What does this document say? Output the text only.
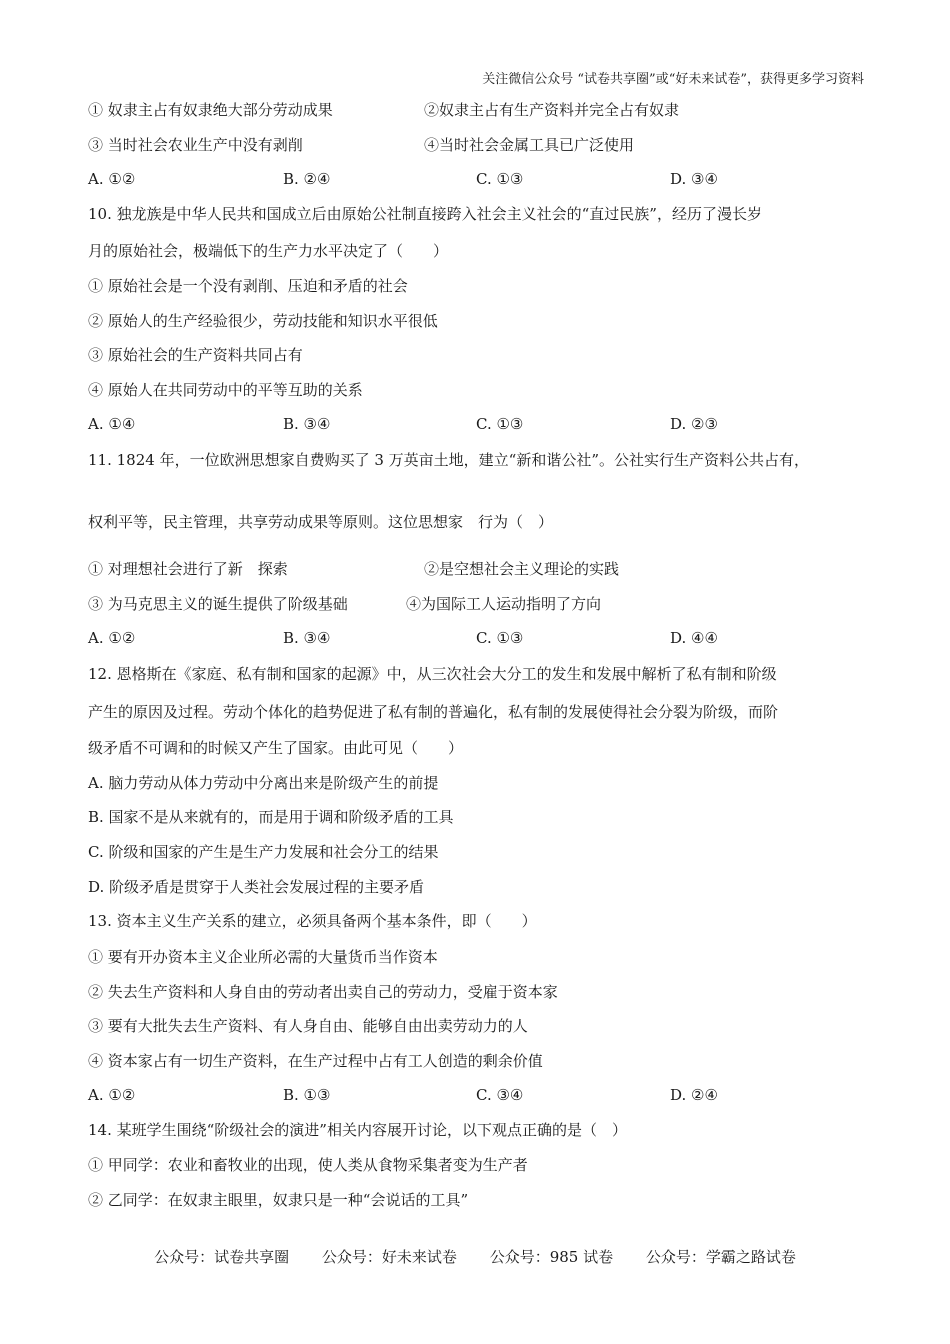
关注微信公众号 “试卷共享圈”或“好未来试卷”，获得更多学习资料
① 奴隶主占有奴隶绝大部分劳动成果	②奴隶主占有生产资料并完全占有奴隶
③ 当时社会农业生产中没有剥削	④当时社会金属工具已广泛使用
A. ①②	B. ②④	C. ①③	D. ③④
10. 独龙族是中华人民共和国成立后由原始公社制直接跨入社会主义社会的“直过民族”，经历了漫长岁
月的原始社会，极端低下的生产力水平决定了（　　）
① 原始社会是一个没有剥削、压迫和矛盾的社会
② 原始人的生产经验很少，劳动技能和知识水平很低
③ 原始社会的生产资料共同占有
④ 原始人在共同劳动中的平等互助的关系
A. ①④	B. ③④	C. ①③	D. ②③
11. 1824 年，一位欧洲思想家自费购买了 3 万英亩土地，建立“新和谐公社”。公社实行生产资料公共占有，
权利平等，民主管理，共享劳动成果等原则。这位思想家　行为（　）
① 对理想社会进行了新　探索	②是空想社会主义理论的实践
③ 为马克思主义的诞生提供了阶级基础	④为国际工人运动指明了方向
A. ①②	B. ③④	C. ①③	D. ④④
12. 恩格斯在《家庭、私有制和国家的起源》中，从三次社会大分工的发生和发展中解析了私有制和阶级
产生的原因及过程。劳动个体化的趋势促进了私有制的普遍化，私有制的发展使得社会分裂为阶级，而阶
级矛盾不可调和的时候又产生了国家。由此可见（　　）
A. 脑力劳动从体力劳动中分离出来是阶级产生的前提
B. 国家不是从来就有的，而是用于调和阶级矛盾的工具
C. 阶级和国家的产生是生产力发展和社会分工的结果
D. 阶级矛盾是贯穿于人类社会发展过程的主要矛盾
13. 资本主义生产关系的建立，必须具备两个基本条件，即（　　）
① 要有开办资本主义企业所必需的大量货币当作资本
② 失去生产资料和人身自由的劳动者出卖自己的劳动力，受雇于资本家
③ 要有大批失去生产资料、有人身自由、能够自由出卖劳动力的人
④ 资本家占有一切生产资料，在生产过程中占有工人创造的剩余价值
A. ①②	B. ①③	C. ③④	D. ②④
14. 某班学生围绕“阶级社会的演进”相关内容展开讨论，以下观点正确的是（　）
① 甲同学：农业和畜牧业的出现，使人类从食物采集者变为生产者
② 乙同学：在奴隶主眼里，奴隶只是一种“会说话的工具”
公众号：试卷共享圈 公众号：好未来试卷 公众号：985 试卷 公众号：学霸之路试卷
